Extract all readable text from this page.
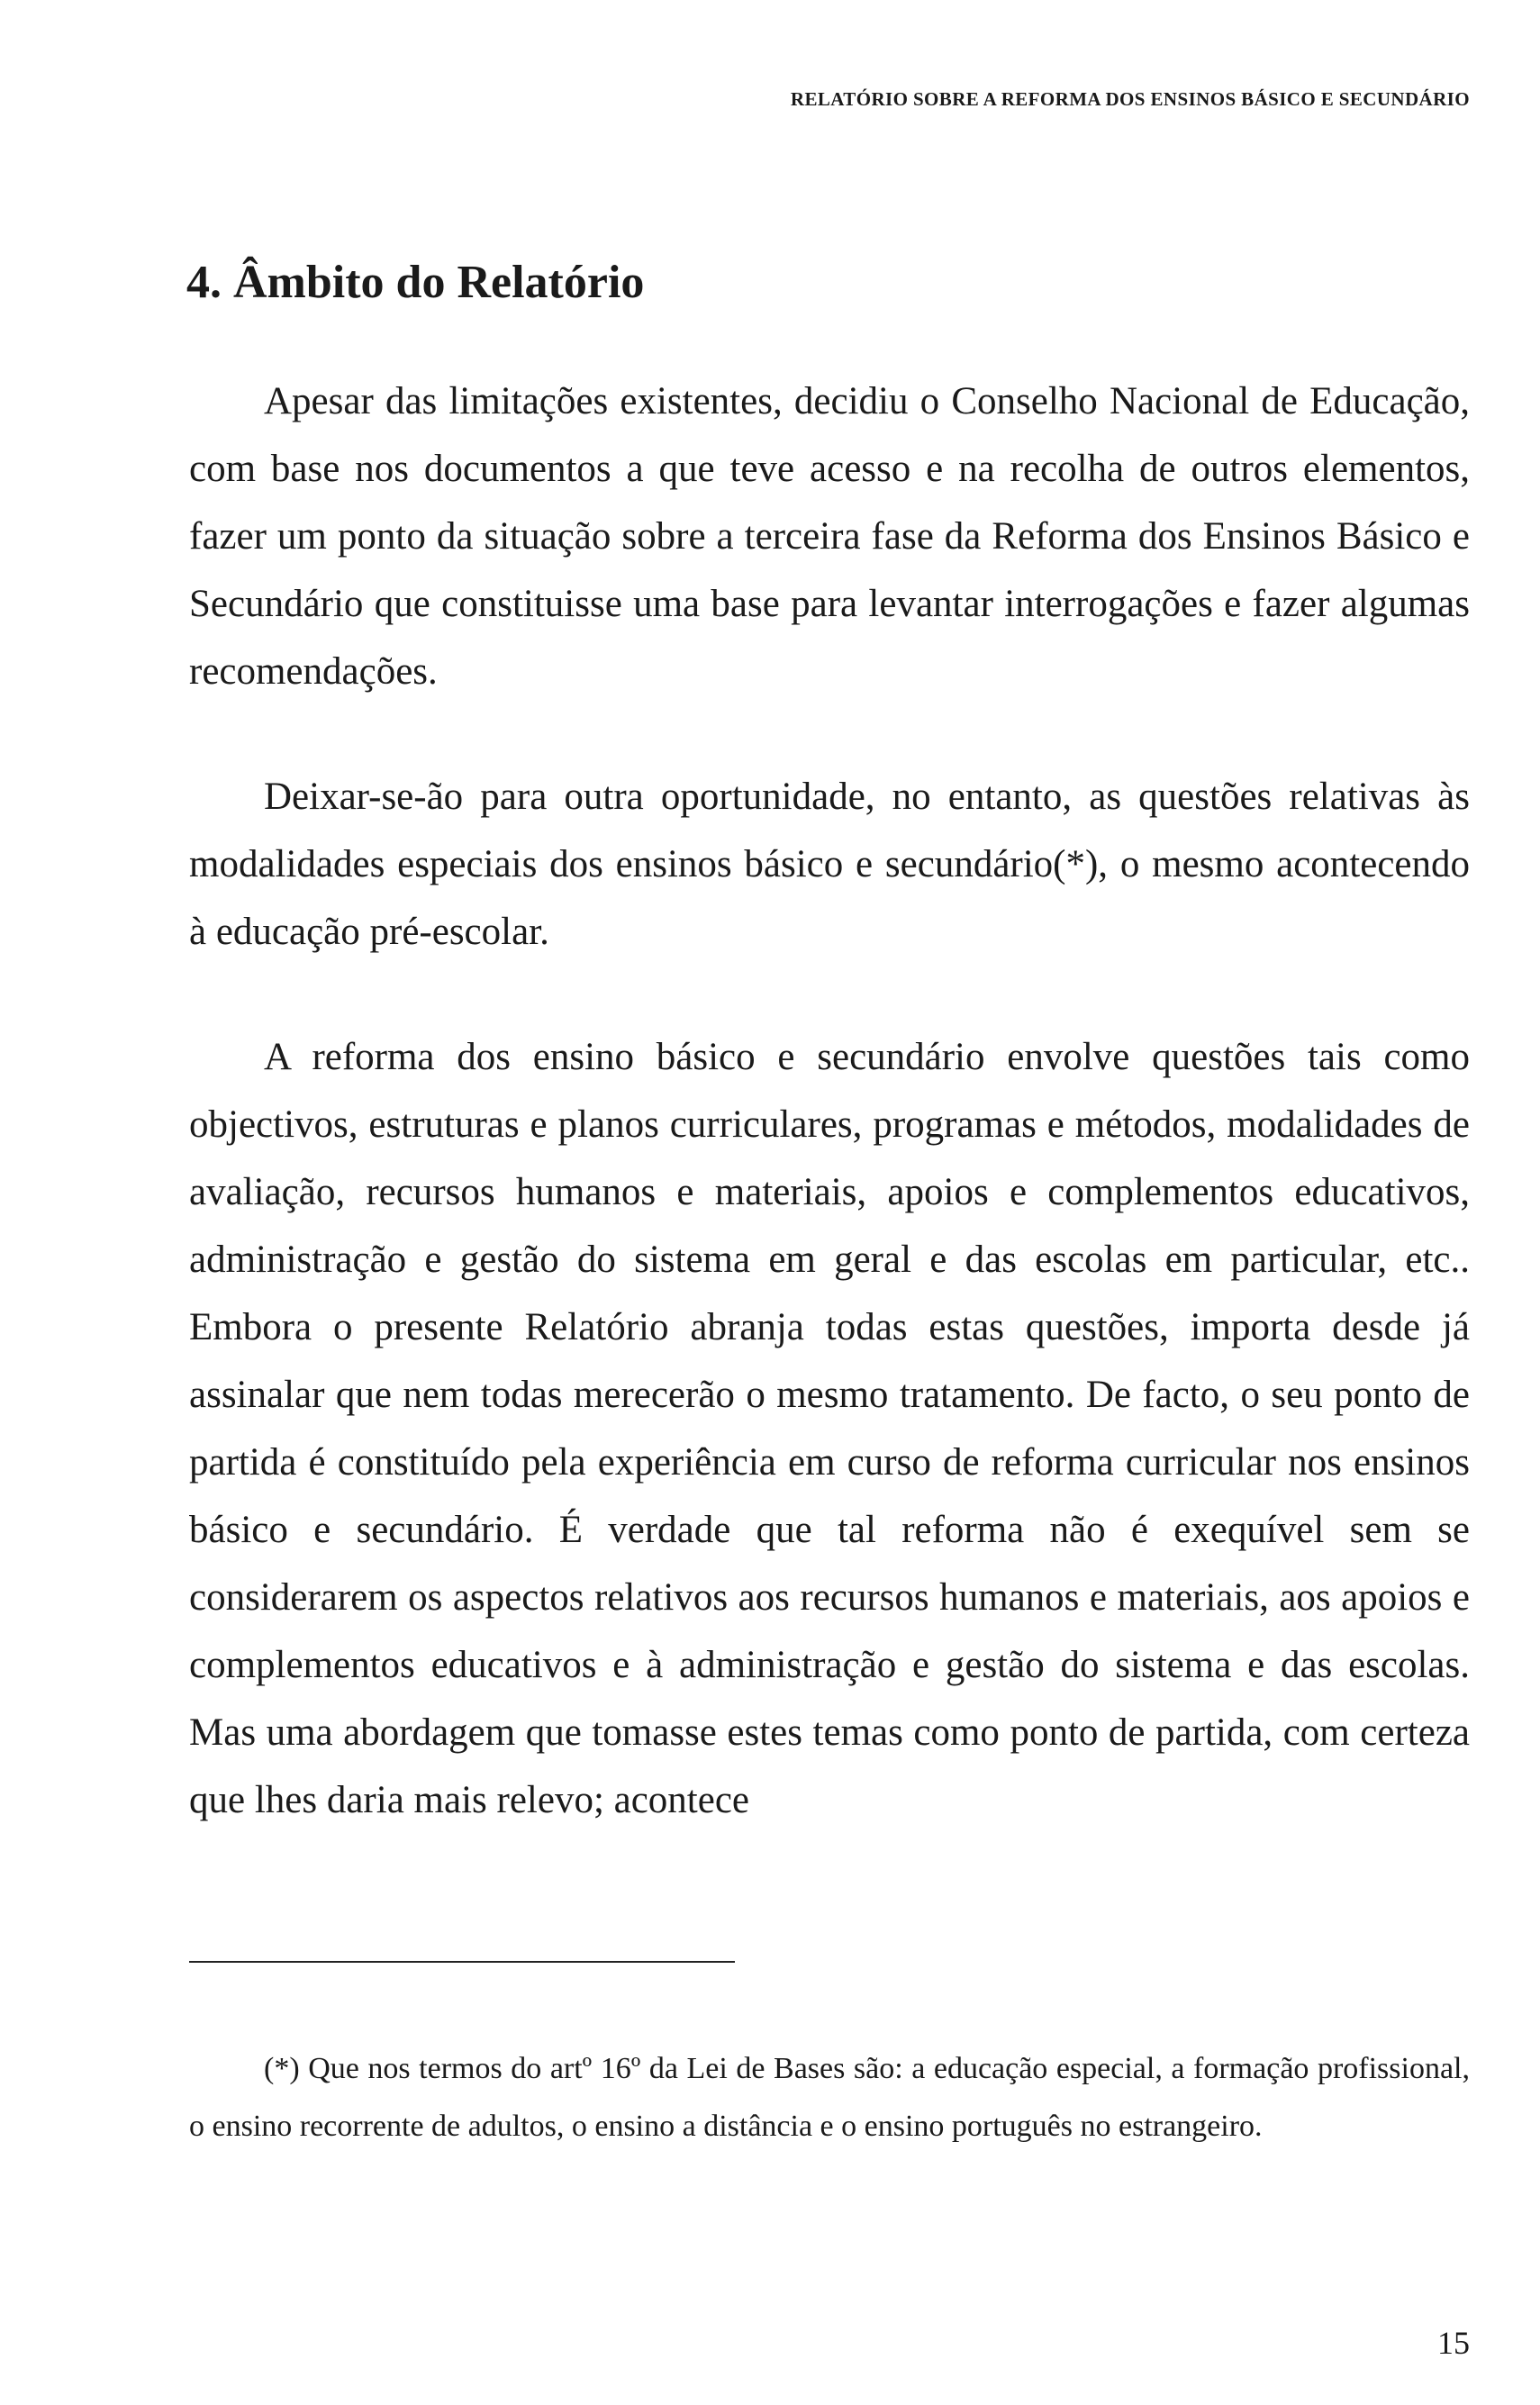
RELATÓRIO SOBRE A REFORMA DOS ENSINOS BÁSICO E SECUNDÁRIO
4. Âmbito do Relatório

Apesar das limitações existentes, decidiu o Conselho Nacional de Educação, com base nos documentos a que teve acesso e na recolha de outros elementos, fazer um ponto da situação sobre a terceira fase da Reforma dos Ensinos Básico e Secundário que constituisse uma base para levantar interrogações e fazer algumas recomendações.

Deixar-se-ão para outra oportunidade, no entanto, as questões relativas às modalidades especiais dos ensinos básico e secundário(*), o mesmo acontecendo à educação pré-escolar.

A reforma dos ensino básico e secundário envolve questões tais como objectivos, estruturas e planos curriculares, programas e métodos, modalidades de avaliação, recursos humanos e materiais, apoios e complementos educativos, administração e gestão do sistema em geral e das escolas em particular, etc.. Embora o presente Relatório abranja todas estas questões, importa desde já assinalar que nem todas merecerão o mesmo tratamento. De facto, o seu ponto de partida é constituído pela experiência em curso de reforma curricular nos ensinos básico e secundário. É verdade que tal reforma não é exequível sem se considerarem os aspectos relativos aos recursos humanos e materiais, aos apoios e complementos educativos e à administração e gestão do sistema e das escolas. Mas uma abordagem que tomasse estes temas como ponto de partida, com certeza que lhes daria mais relevo; acontece

(*) Que nos termos do artº 16º da Lei de Bases são: a educação especial, a formação profissional, o ensino recorrente de adultos, o ensino a distância e o ensino português no estrangeiro.

15
